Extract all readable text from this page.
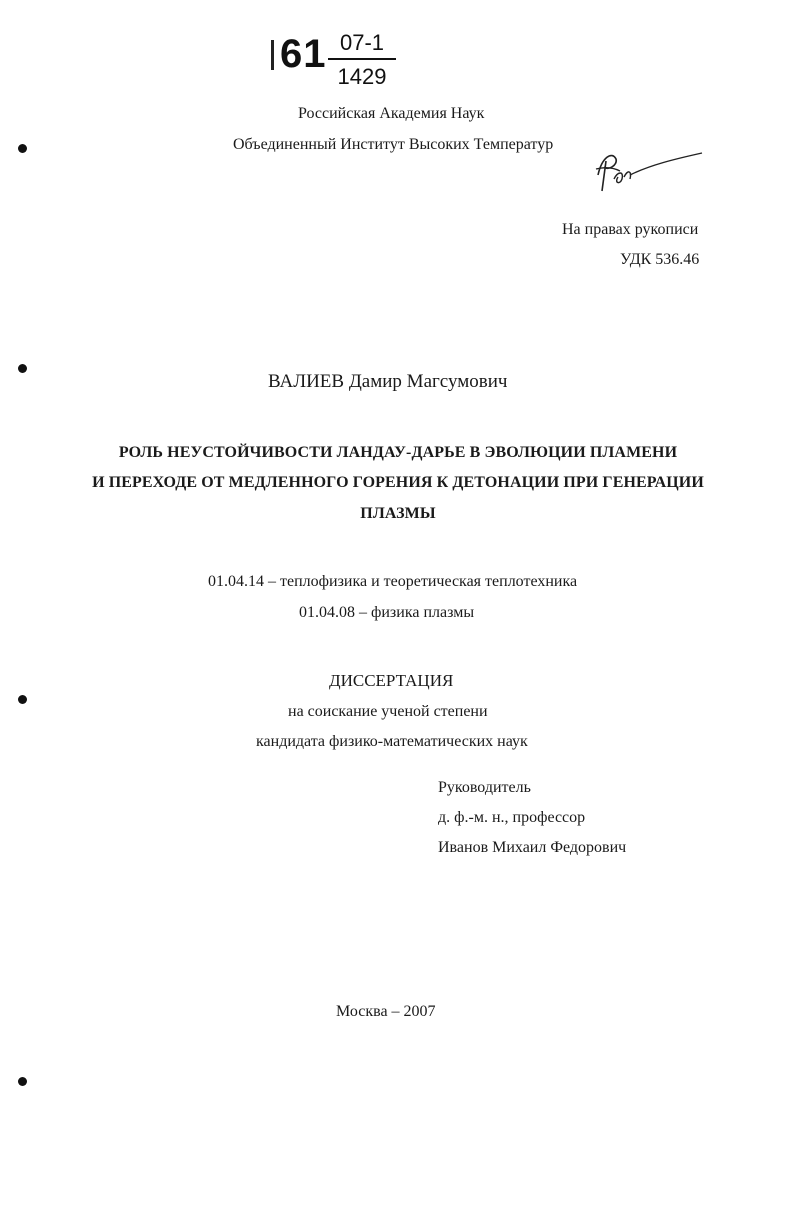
61 07-1
1429
Российская Академия Наук
Объединенный Институт Высоких Температур
На правах рукописи
УДК 536.46
ВАЛИЕВ Дамир Магсумович
РОЛЬ НЕУСТОЙЧИВОСТИ ЛАНДАУ-ДАРЬЕ В ЭВОЛЮЦИИ ПЛАМЕНИ
И ПЕРЕХОДЕ ОТ МЕДЛЕННОГО ГОРЕНИЯ К ДЕТОНАЦИИ ПРИ ГЕНЕРАЦИИ
ПЛАЗМЫ
01.04.14 – теплофизика и теоретическая теплотехника
01.04.08 – физика плазмы
ДИССЕРТАЦИЯ
на соискание ученой степени
кандидата физико-математических наук
Руководитель
д. ф.-м. н., профессор
Иванов Михаил Федорович
Москва – 2007
